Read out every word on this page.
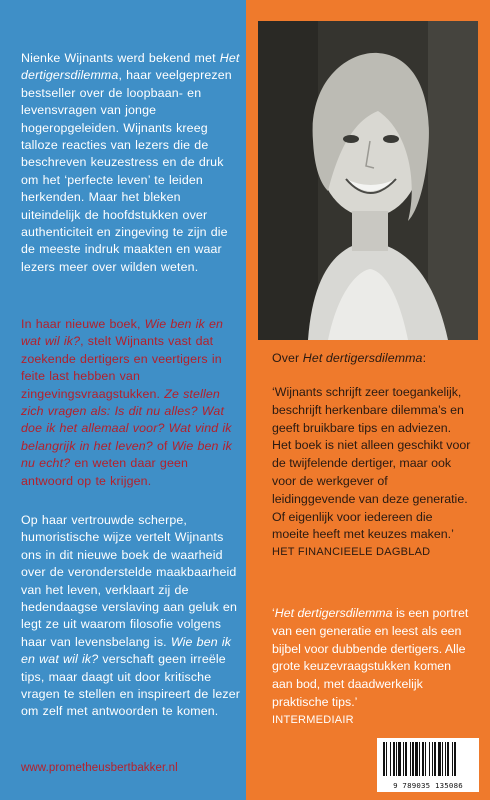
Nienke Wijnants werd bekend met Het dertigersdilemma, haar veelgeprezen bestseller over de loopbaan- en levensvragen van jonge hogeropgeleiden. Wijnants kreeg talloze reacties van lezers die de beschreven keuzestress en de druk om het ‘perfecte leven’ te leiden herkenden. Maar het bleken uiteindelijk de hoofdstukken over authenticiteit en zingeving te zijn die de meeste indruk maakten en waar lezers meer over wilden weten.

In haar nieuwe boek, Wie ben ik en wat wil ik?, stelt Wijnants vast dat zoekende dertigers en veertigers in feite last hebben van zingevingsvraagstukken. Ze stellen zich vragen als: Is dit nu alles? Wat doe ik het allemaal voor? Wat vind ik belangrijk in het leven? of Wie ben ik nu echt? en weten daar geen antwoord op te krijgen.

Op haar vertrouwde scherpe, humoristische wijze vertelt Wijnants ons in dit nieuwe boek de waarheid over de veronderstelde maakbaarheid van het leven, verklaart zij de hedendaagse verslaving aan geluk en legt ze uit waarom filosofie volgens haar van levensbelang is. Wie ben ik en wat wil ik? verschaft geen irreële tips, maar daagt uit door kritische vragen te stellen en inspireert de lezer om zelf met antwoorden te komen.

www.prometheusbertbakker.nl
Over Het dertigersdilemma:
‘Wijnants schrijft zeer toegankelijk, beschrijft herkenbare dilemma’s en geeft bruikbare tips en adviezen. Het boek is niet alleen geschikt voor de twijfelende dertiger, maar ook voor de werkgever of leidinggevende van deze generatie. Of eigenlijk voor iedereen die moeite heeft met keuzes maken.’
HET FINANCIEELE DAGBLAD
‘Het dertigersdilemma is een portret van een generatie en leest als een bijbel voor dubbende dertigers. Alle grote keuzevraagstukken komen aan bod, met daadwerkelijk praktische tips.’
INTERMEDIAIR
9 789035 135086
